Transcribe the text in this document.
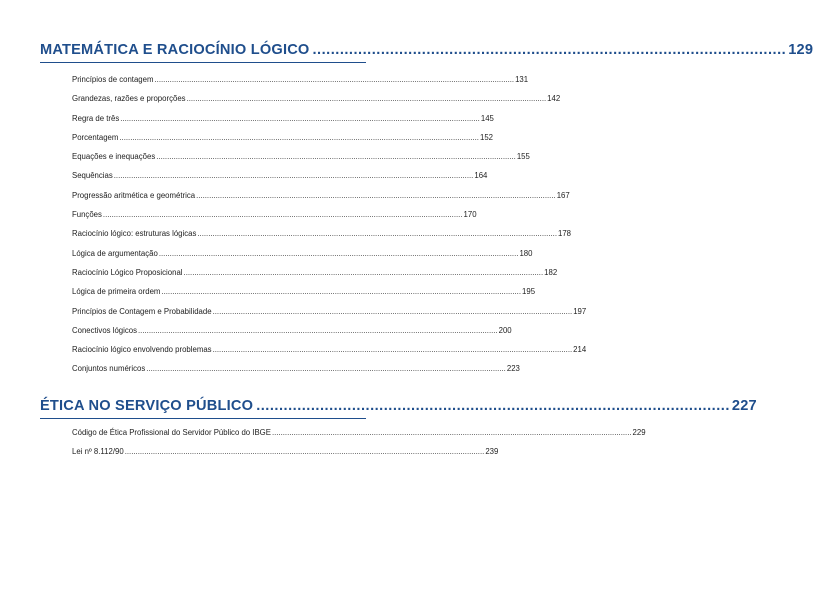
MATEMÁTICA E RACIOCÍNIO LÓGICO ........................................................................................................ 129
Princípios de contagem ...................................................................................................................................................................... 131
Grandezas, razões e proporções ...................................................................................................................................................................... 142
Regra de três ...................................................................................................................................................................... 145
Porcentagem ...................................................................................................................................................................... 152
Equações e inequações ...................................................................................................................................................................... 155
Sequências ...................................................................................................................................................................... 164
Progressão aritmética e geométrica ...................................................................................................................................................................... 167
Funções ...................................................................................................................................................................... 170
Raciocínio lógico: estruturas lógicas ...................................................................................................................................................................... 178
Lógica de argumentação ...................................................................................................................................................................... 180
Raciocínio Lógico Proposicional ...................................................................................................................................................................... 182
Lógica de primeira ordem ...................................................................................................................................................................... 195
Princípios de Contagem e Probabilidade ...................................................................................................................................................................... 197
Conectivos lógicos ...................................................................................................................................................................... 200
Raciocínio lógico envolvendo problemas ...................................................................................................................................................................... 214
Conjuntos numéricos ...................................................................................................................................................................... 223
ÉTICA NO SERVIÇO PÚBLICO ........................................................................................................ 227
Código de Ética Profissional do Servidor Público do IBGE ...................................................................................................................................................................... 229
Lei nº 8.112/90 ...................................................................................................................................................................... 239
